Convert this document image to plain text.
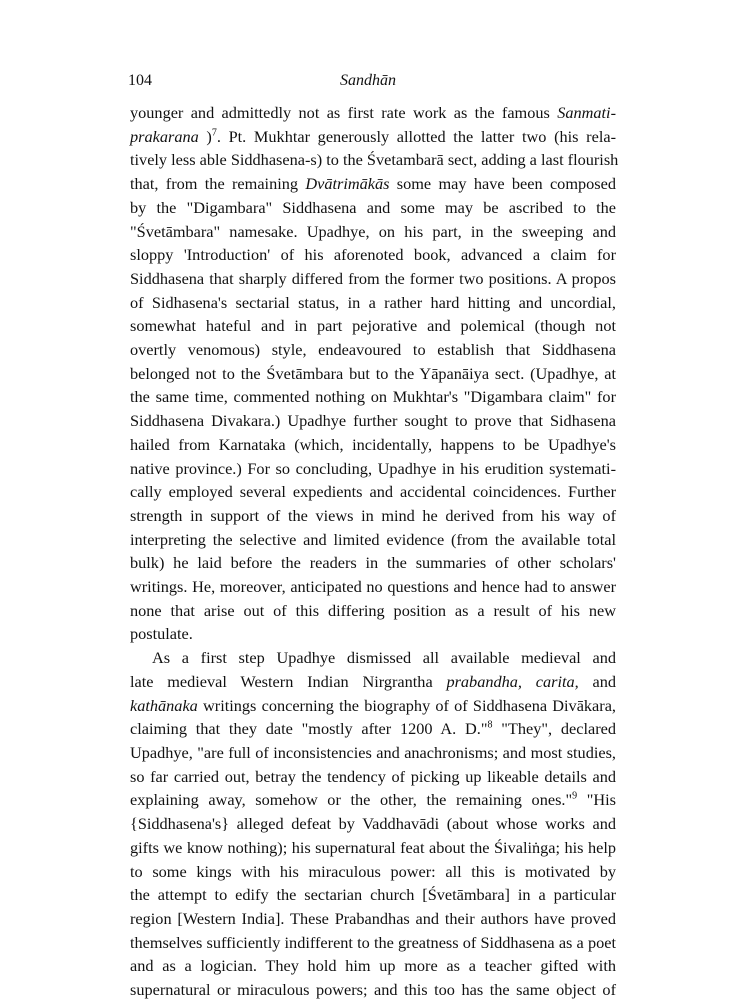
104	Sandhān
younger and admittedly not as first rate work as the famous Sanmati-
prakarana )$^7$. Pt. Mukhtar generously allotted the latter two (his rela-
tively less able Siddhasena-s) to the Śvetambarā sect, adding a last flourish
that, from the remaining Dvātrimākās some may have been composed
by the "Digambara" Siddhasena and some may be ascribed to the
"Śvetāmbara" namesake. Upadhye, on his part, in the sweeping and
sloppy 'Introduction' of his aforenoted book, advanced a claim for
Siddhasena that sharply differed from the former two positions. A propos
of Sidhasena's sectarial status, in a rather hard hitting and uncordial,
somewhat hateful and in part pejorative and polemical (though not
overtly venomous) style, endeavoured to establish that Siddhasena
belonged not to the Śvetāmbara but to the Yāpanāiya sect. (Upadhye, at
the same time, commented nothing on Mukhtar's "Digambara claim" for
Siddhasena Divakara.) Upadhye further sought to prove that Sidhasena
hailed from Karnataka (which, incidentally, happens to be Upadhye's
native province.) For so concluding, Upadhye in his erudition systemati-
cally employed several expedients and accidental coincidences. Further
strength in support of the views in mind he derived from his way of
interpreting the selective and limited evidence (from the available total
bulk) he laid before the readers in the summaries of other scholars'
writings. He, moreover, anticipated no questions and hence had to answer
none that arise out of this differing position as a result of his new
postulate.
As a first step Upadhye dismissed all available medieval and
late medieval Western Indian Nirgrantha prabandha, carita, and
kathānaka writings concerning the biography of of Siddhasena Divākara,
claiming that they date "mostly after 1200 A. D."$^8$ "They", declared
Upadhye, "are full of inconsistencies and anachronisms; and most studies,
so far carried out, betray the tendency of picking up likeable details and
explaining away, somehow or the other, the remaining ones."$^9$ "His
{Siddhasena's} alleged defeat by Vaddhavādi (about whose works and
gifts we know nothing); his supernatural feat about the Śivaliṅga; his help
to some kings with his miraculous power: all this is motivated by
the attempt to edify the sectarian church [Śvetāmbara] in a particular
region [Western India]. These Prabandhas and their authors have proved
themselves sufficiently indifferent to the greatness of Siddhasena as a poet
and as a logician. They hold him up more as a teacher gifted with
supernatural or miraculous powers; and this too has the same object of
